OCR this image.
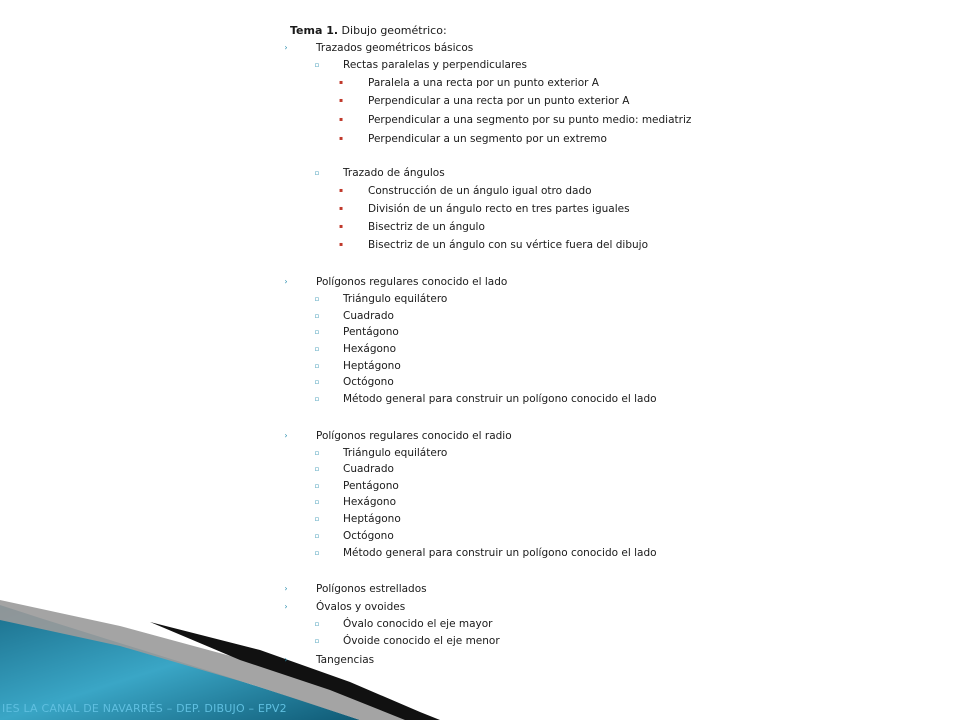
Tema 1. Dibujo geométrico:
›	Trazados geométricos básicos
▫ Rectas paralelas y perpendiculares
▪ Paralela a una recta por un punto exterior A
▪ Perpendicular a una recta por un punto exterior A
▪ Perpendicular a una segmento por su punto medio: mediatriz
▪ Perpendicular a un segmento por un extremo
▫ Trazado de ángulos
▪ Construcción de un ángulo igual otro dado
▪ División de un ángulo recto en tres partes iguales
▪ Bisectriz de un ángulo
▪ Bisectriz de un ángulo con su vértice fuera del dibujo
›	Polígonos regulares conocido el lado
▫ Triángulo equilátero
▫ Cuadrado
▫ Pentágono
▫ Hexágono
▫ Heptágono
▫ Octógono
▫ Método general para construir un polígono conocido el lado
›	Polígonos regulares conocido el radio
▫ Triángulo equilátero
▫ Cuadrado
▫ Pentágono
▫ Hexágono
▫ Heptágono
▫ Octógono
▫ Método general para construir un polígono conocido el lado
›	Polígonos estrellados
›	Óvalos y ovoides
▫ Óvalo conocido el eje mayor
▫ Óvoide conocido el eje menor
›	Tangencias
IES LA CANAL DE NAVARRÉS – DEP. DIBUJO – EPV2
